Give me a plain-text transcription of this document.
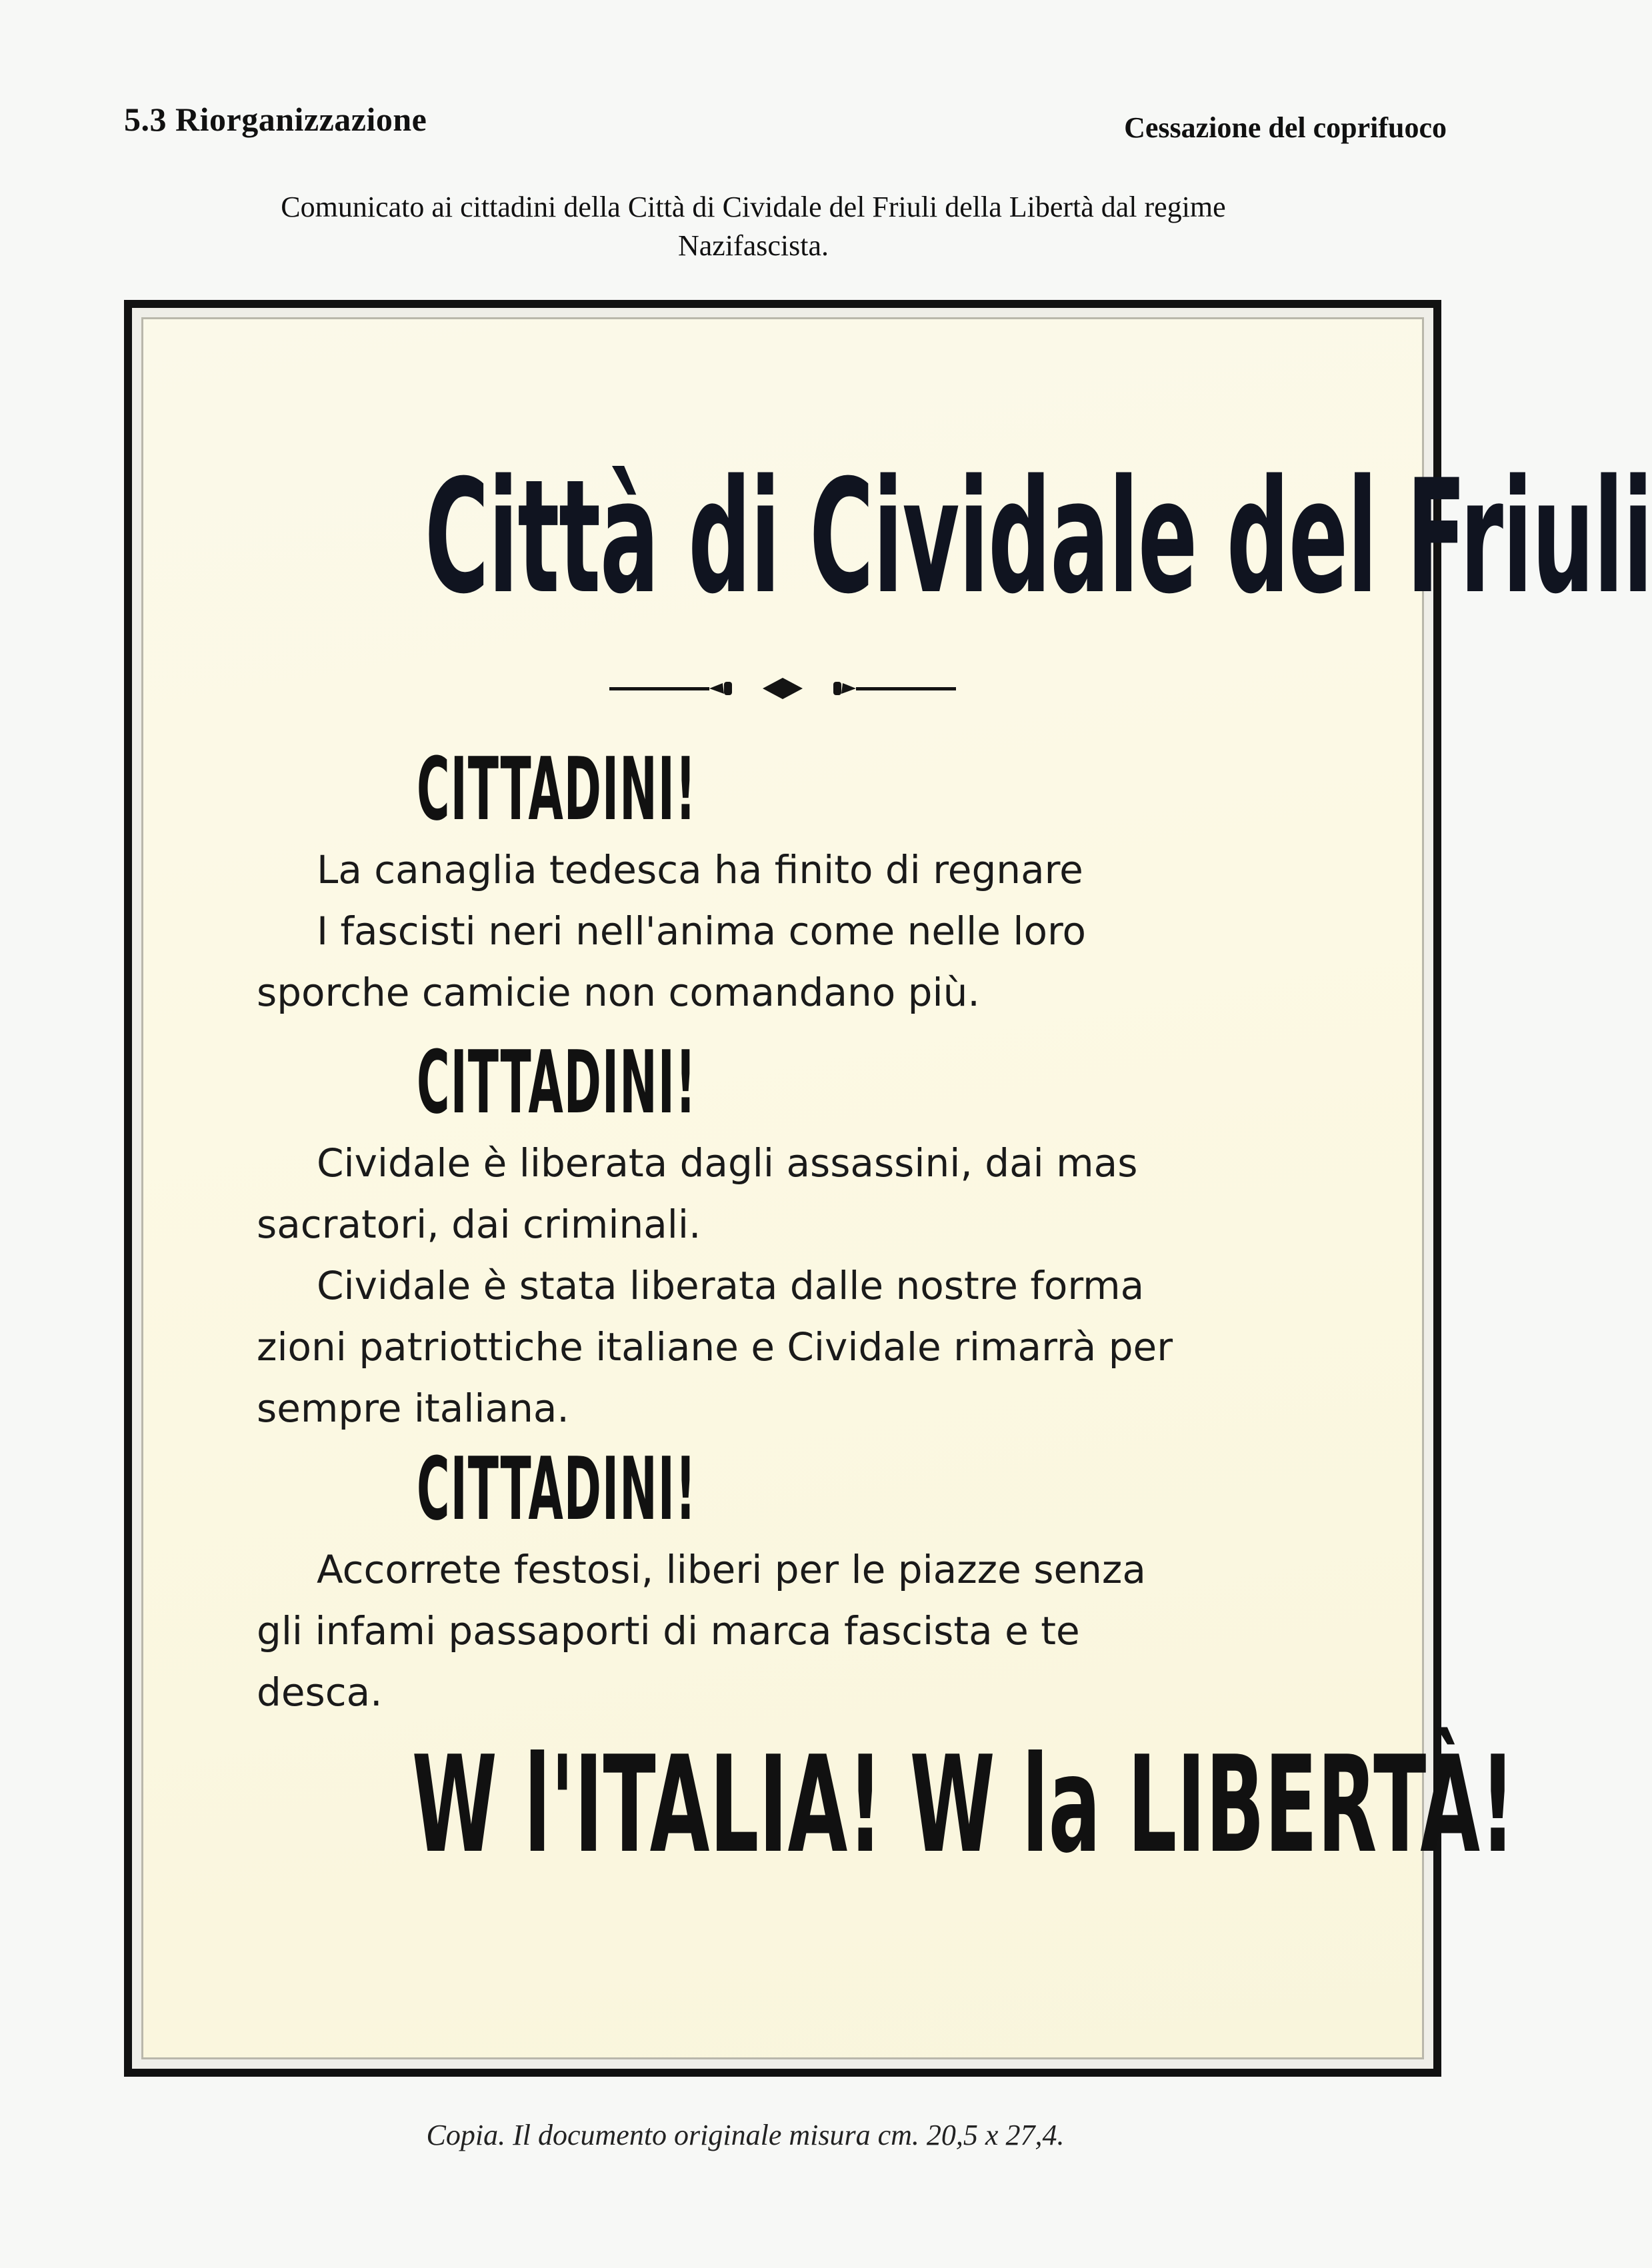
5.3 Riorganizzazione	Cessazione del coprifuoco
Comunicato ai cittadini della Città di Cividale del Friuli della Libertà dal regime
Nazifascista.
Città di Cividale del Friuli
CITTADINI!
La canaglia tedesca ha finito di regnare
I fascisti neri nell'anima come nelle loro
sporche camicie non comandano più.
CITTADINI!
Cividale è liberata dagli assassini, dai mas
sacratori, dai criminali.
Cividale è stata liberata dalle nostre forma
zioni patriottiche italiane e Cividale rimarrà per
sempre italiana.
CITTADINI!
Accorrete festosi, liberi per le piazze senza
gli infami passaporti di marca fascista e te
desca.
W l'ITALIA! W la LIBERTÀ!
Copia. Il documento originale misura cm. 20,5 x 27,4.
